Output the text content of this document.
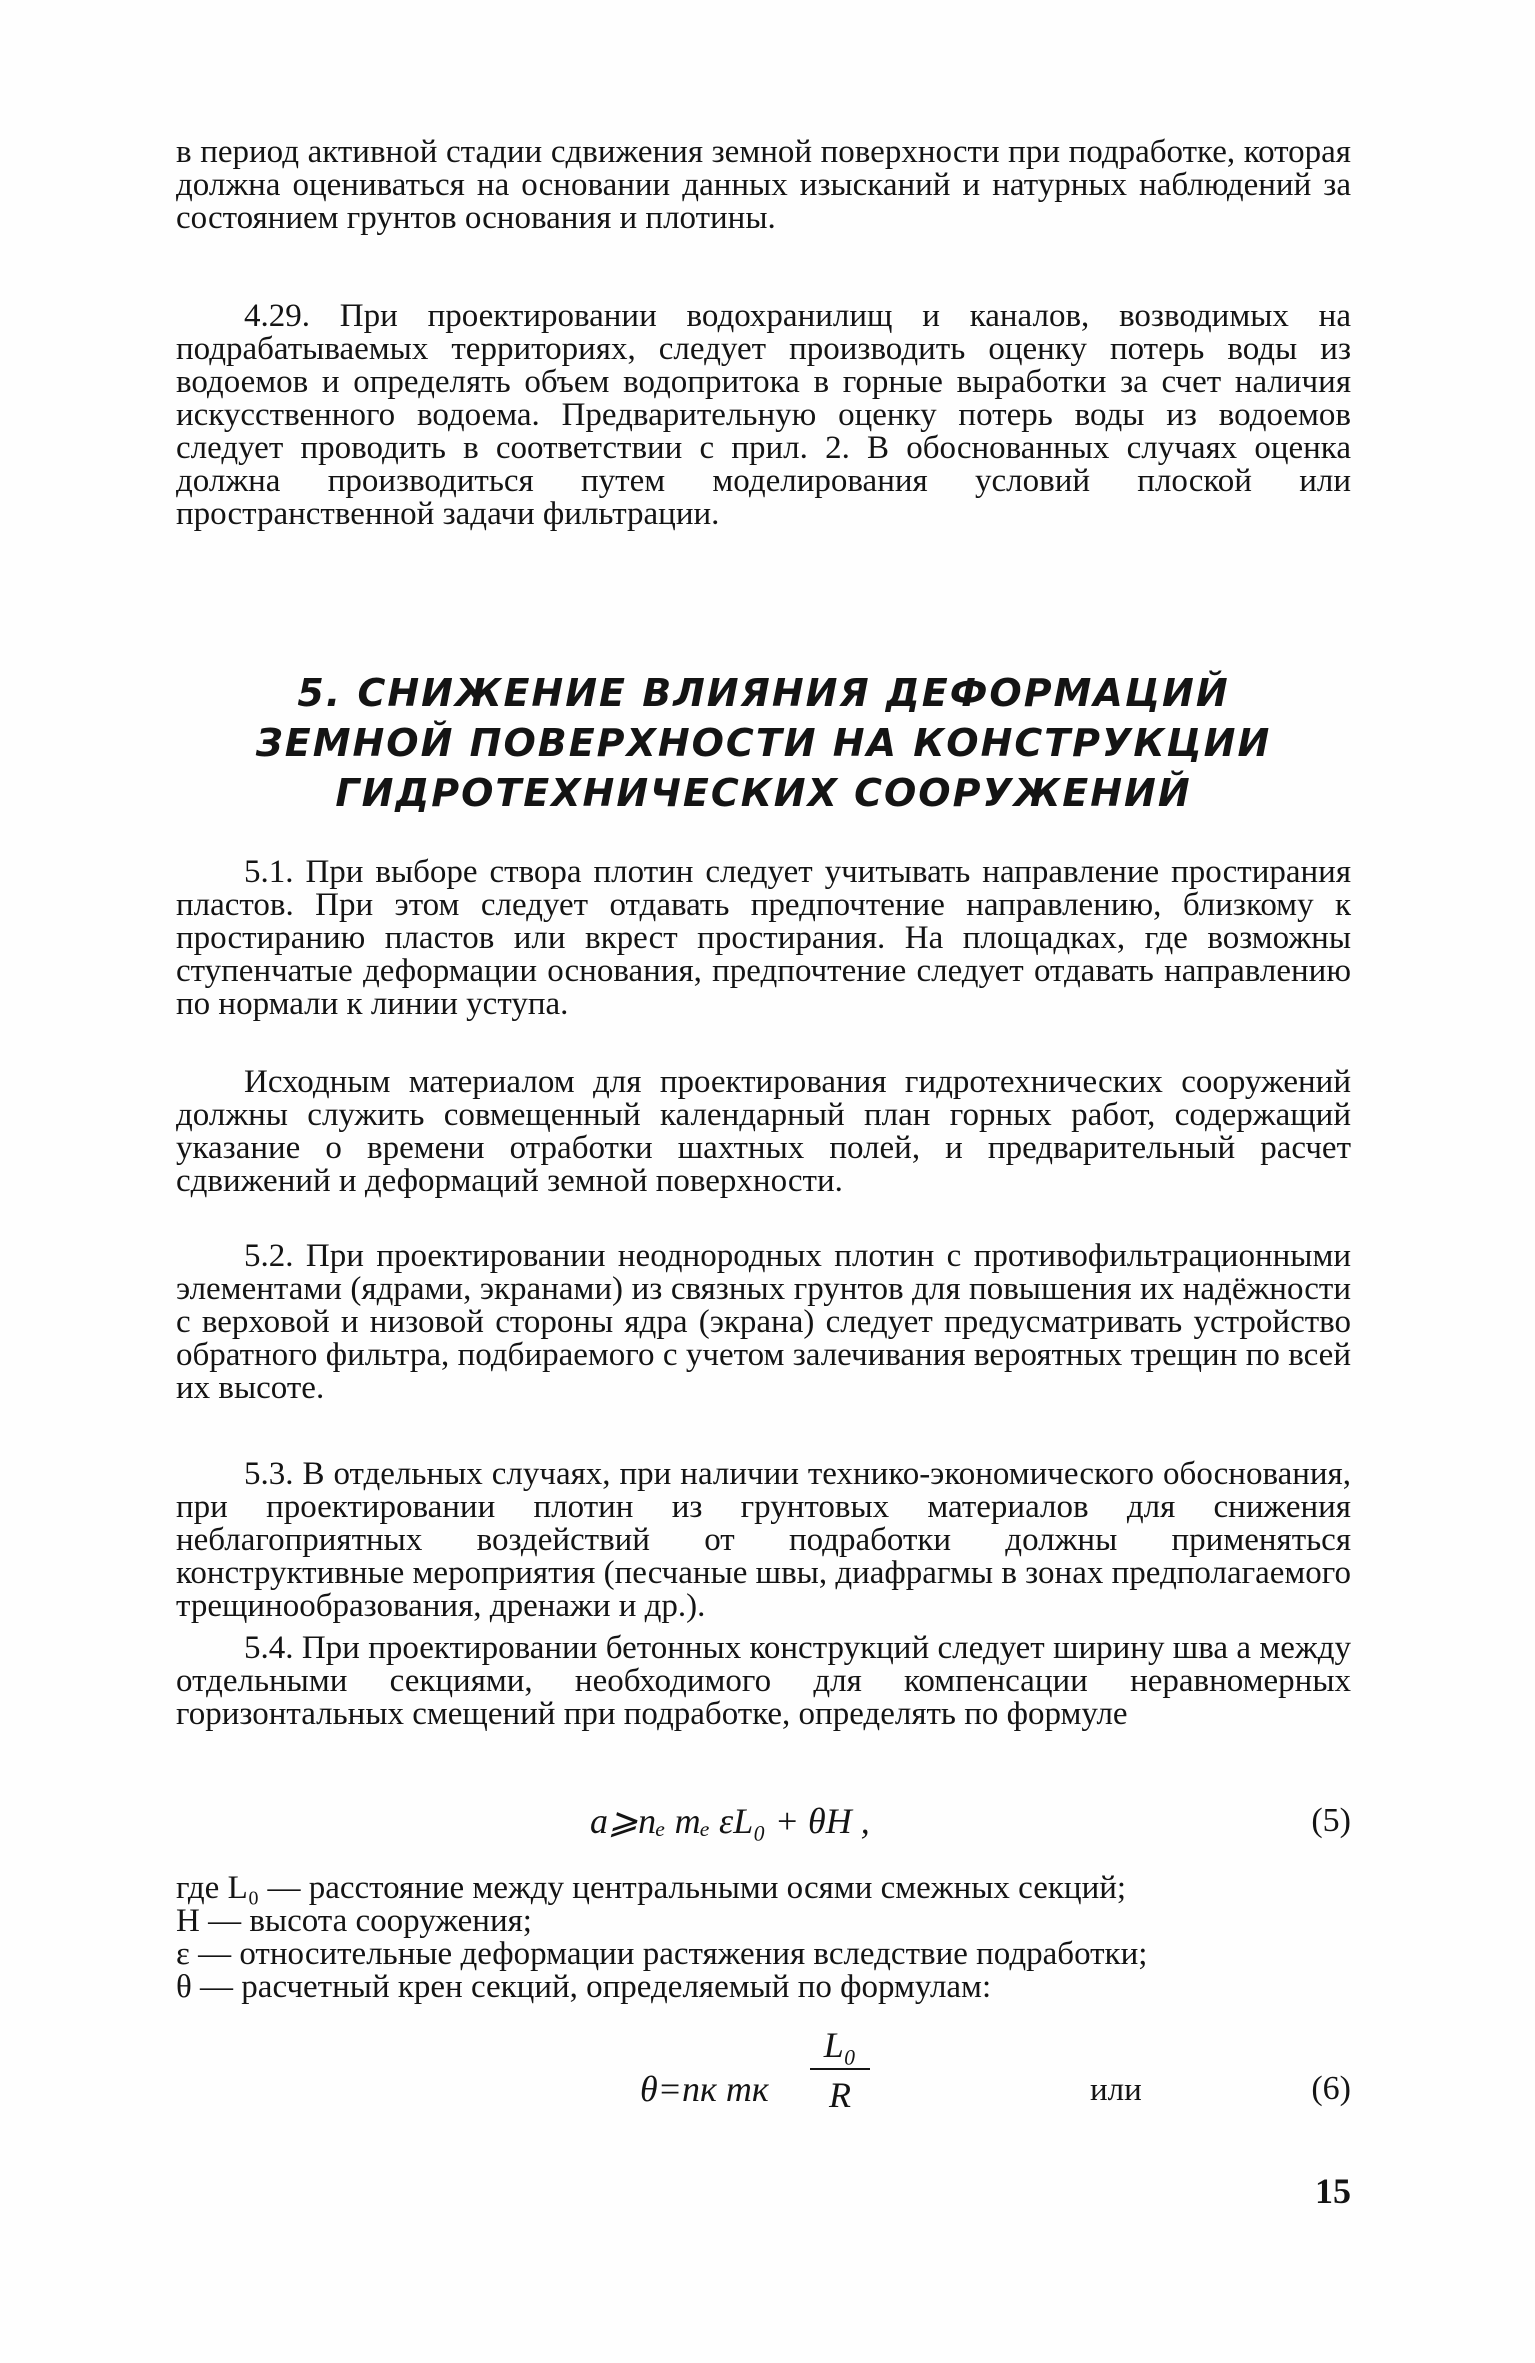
в период активной стадии сдвижения земной поверхности при подработке, которая должна оцениваться на основании данных изысканий и натурных наблюдений за состоянием грунтов основания и плотины.

4.29. При проектировании водохранилищ и каналов, возводимых на подрабатываемых территориях, следует производить оценку потерь воды из водоемов и определять объем водопритока в горные выработки за счет наличия искусственного водоема. Предварительную оценку потерь воды из водоемов следует проводить в соответствии с прил. 2. В обоснованных случаях оценка должна производиться путем моделирования условий плоской или пространственной задачи фильтрации.

5. СНИЖЕНИЕ ВЛИЯНИЯ ДЕФОРМАЦИЙ
ЗЕМНОЙ ПОВЕРХНОСТИ НА КОНСТРУКЦИИ
ГИДРОТЕХНИЧЕСКИХ СООРУЖЕНИЙ

5.1. При выборе створа плотин следует учитывать направление простирания пластов. При этом следует отдавать предпочтение направлению, близкому к простиранию пластов или вкрест простирания. На площадках, где возможны ступенчатые деформации основания, предпочтение следует отдавать направлению по нормали к линии уступа.

Исходным материалом для проектирования гидротехнических сооружений должны служить совмещенный календарный план горных работ, содержащий указание о времени отработки шахтных полей, и предварительный расчет сдвижений и деформаций земной поверхности.

5.2. При проектировании неоднородных плотин с противофильтрационными элементами (ядрами, экранами) из связных грунтов для повышения их надёжности с верховой и низовой стороны ядра (экрана) следует предусматривать устройство обратного фильтра, подбираемого с учетом залечивания вероятных трещин по всей их высоте.

5.3. В отдельных случаях, при наличии технико-экономического обоснования, при проектировании плотин из грунтовых материалов для снижения неблагоприятных воздействий от подработки должны применяться конструктивные мероприятия (песчаные швы, диафрагмы в зонах предполагаемого трещинообразования, дренажи и др.).

5.4. При проектировании бетонных конструкций следует ширину шва a между отдельными секциями, необходимого для компенсации неравномерных горизонтальных смещений при подработке, определять по формуле

a⩾nₑ mₑ εL₀ + θH ,	(5)
где L₀ — расстояние между центральными осями смежных секций;
H — высота сооружения;
ε — относительные деформации растяжения вследствие подработки;
θ — расчетный крен секций, определяемый по формулам:
θ=nк mк
L₀
R	или	(6)
15
